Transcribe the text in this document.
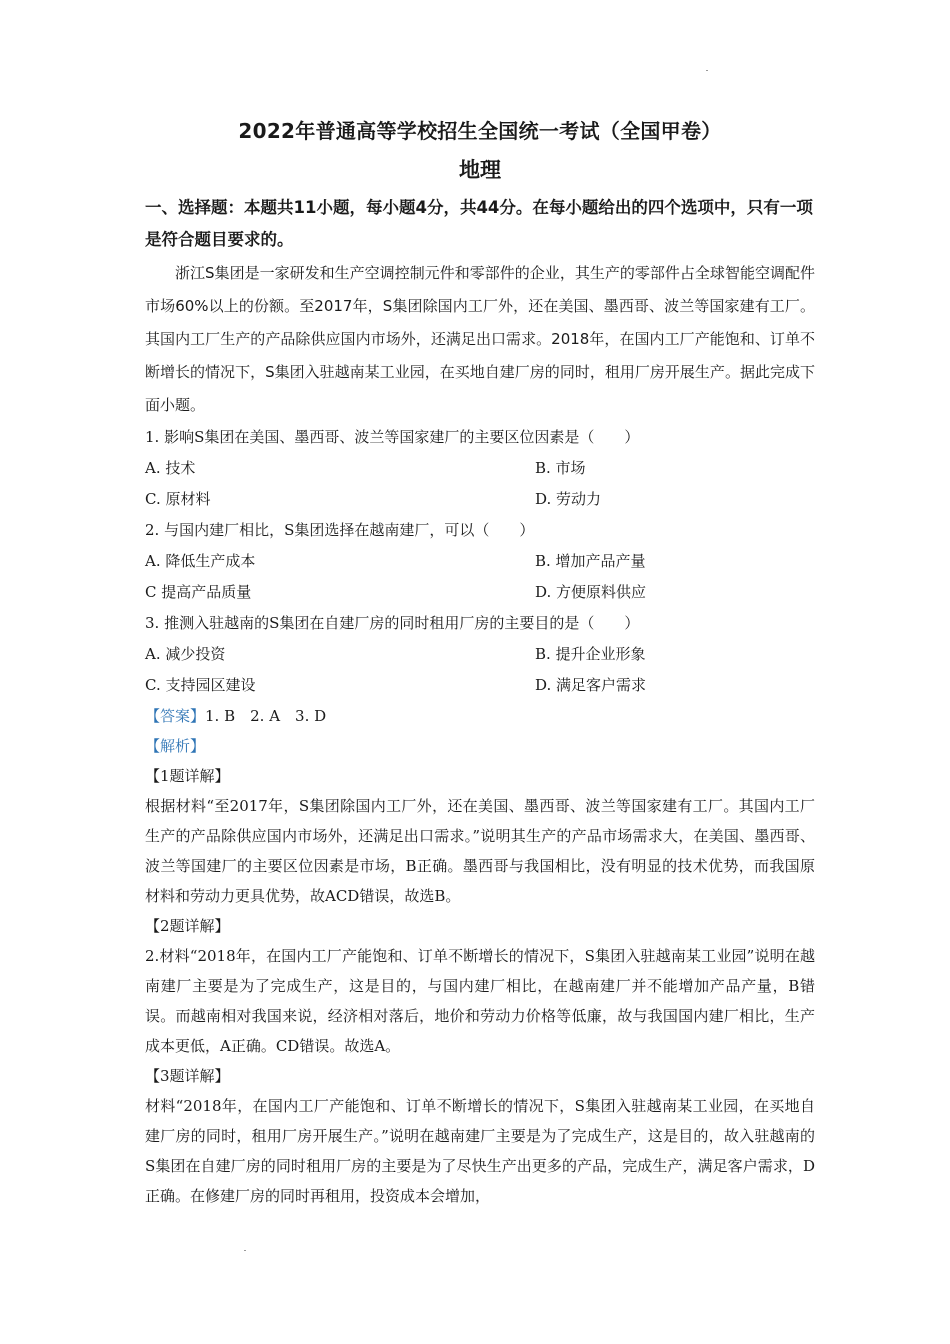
2022年普通高等学校招生全国统一考试（全国甲卷）
地理
一、选择题：本题共11小题，每小题4分，共44分。在每小题给出的四个选项中，只有一项是符合题目要求的。
浙江S集团是一家研发和生产空调控制元件和零部件的企业，其生产的零部件占全球智能空调配件市场60%以上的份额。至2017年，S集团除国内工厂外，还在美国、墨西哥、波兰等国家建有工厂。其国内工厂生产的产品除供应国内市场外，还满足出口需求。2018年，在国内工厂产能饱和、订单不断增长的情况下，S集团入驻越南某工业园，在买地自建厂房的同时，租用厂房开展生产。据此完成下面小题。
1. 影响S集团在美国、墨西哥、波兰等国家建厂的主要区位因素是（　　）
A. 技术	B. 市场
C. 原材料	D. 劳动力
2. 与国内建厂相比，S集团选择在越南建厂，可以（　　）
A. 降低生产成本	B. 增加产品产量
C 提高产品质量	D. 方便原料供应
3. 推测入驻越南的S集团在自建厂房的同时租用厂房的主要目的是（　　）
A. 减少投资	B. 提升企业形象
C. 支持园区建设	D. 满足客户需求
【答案】1. B　2. A　3. D
【解析】
【1题详解】
根据材料“至2017年，S集团除国内工厂外，还在美国、墨西哥、波兰等国家建有工厂。其国内工厂生产的产品除供应国内市场外，还满足出口需求。”说明其生产的产品市场需求大，在美国、墨西哥、波兰等国建厂的主要区位因素是市场，B正确。墨西哥与我国相比，没有明显的技术优势，而我国原材料和劳动力更具优势，故ACD错误，故选B。
【2题详解】
2.材料“2018年，在国内工厂产能饱和、订单不断增长的情况下，S集团入驻越南某工业园”说明在越南建厂主要是为了完成生产，这是目的，与国内建厂相比，在越南建厂并不能增加产品产量，B错误。而越南相对我国来说，经济相对落后，地价和劳动力价格等低廉，故与我国国内建厂相比，生产成本更低，A正确。CD错误。故选A。
【3题详解】
材料“2018年，在国内工厂产能饱和、订单不断增长的情况下，S集团入驻越南某工业园，在买地自建厂房的同时，租用厂房开展生产。”说明在越南建厂主要是为了完成生产，这是目的，故入驻越南的S集团在自建厂房的同时租用厂房的主要是为了尽快生产出更多的产品，完成生产，满足客户需求，D正确。在修建厂房的同时再租用，投资成本会增加，
